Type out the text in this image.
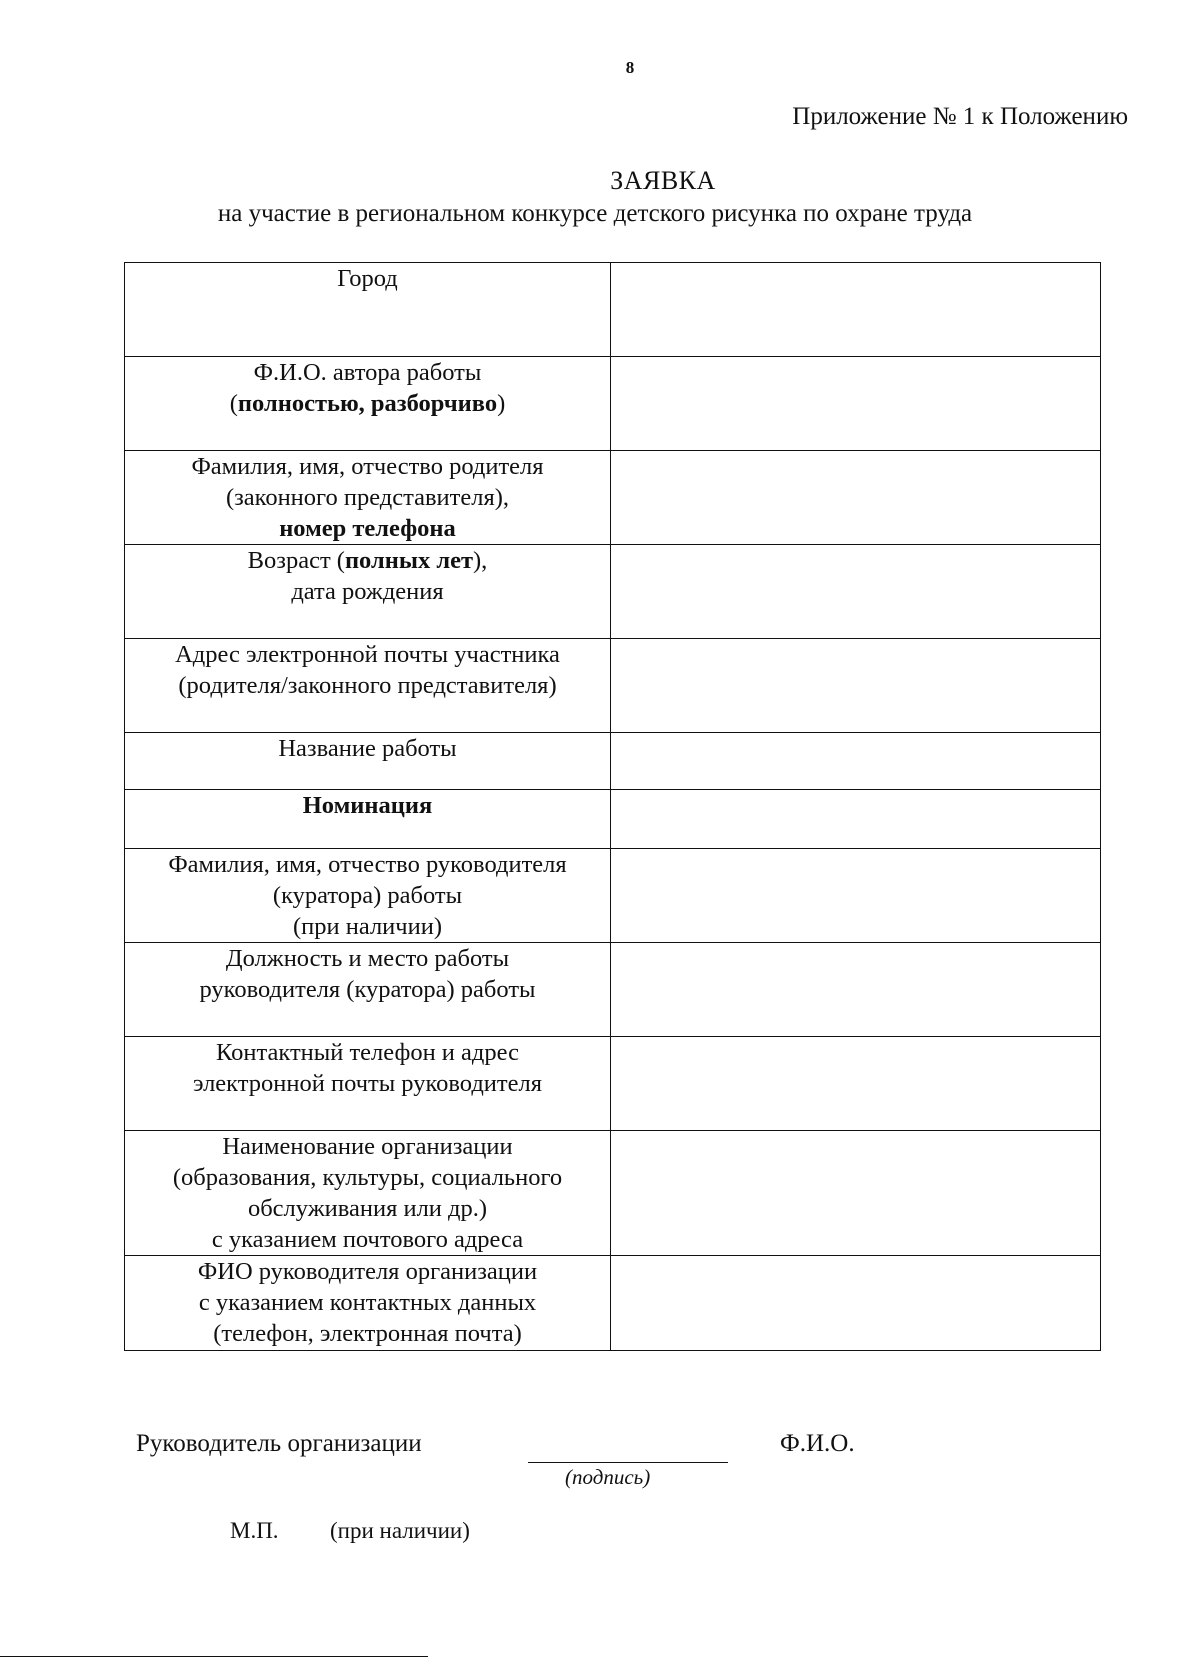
8
Приложение № 1 к Положению
ЗАЯВКА
на участие в региональном конкурсе детского рисунка по охране труда
Город	

Ф.И.О. автора работы
(полностью, разборчиво)	

Фамилия, имя, отчество родителя
(законного представителя),
номер телефона	

Возраст (полных лет),
дата рождения	

Адрес электронной почты участника
(родителя/законного представителя)	

Название работы	

Номинация	

Фамилия, имя, отчество руководителя
(куратора) работы
(при наличии)	

Должность и место работы
руководителя (куратора) работы	

Контактный телефон и адрес
электронной почты руководителя	

Наименование организации
(образования, культуры, социального
обслуживания или др.)
с указанием почтового адреса	

ФИО руководителя организации
с указанием контактных данных
(телефон, электронная почта)	

Руководитель организации
(подпись)
Ф.И.О.
М.П. (при наличии)
